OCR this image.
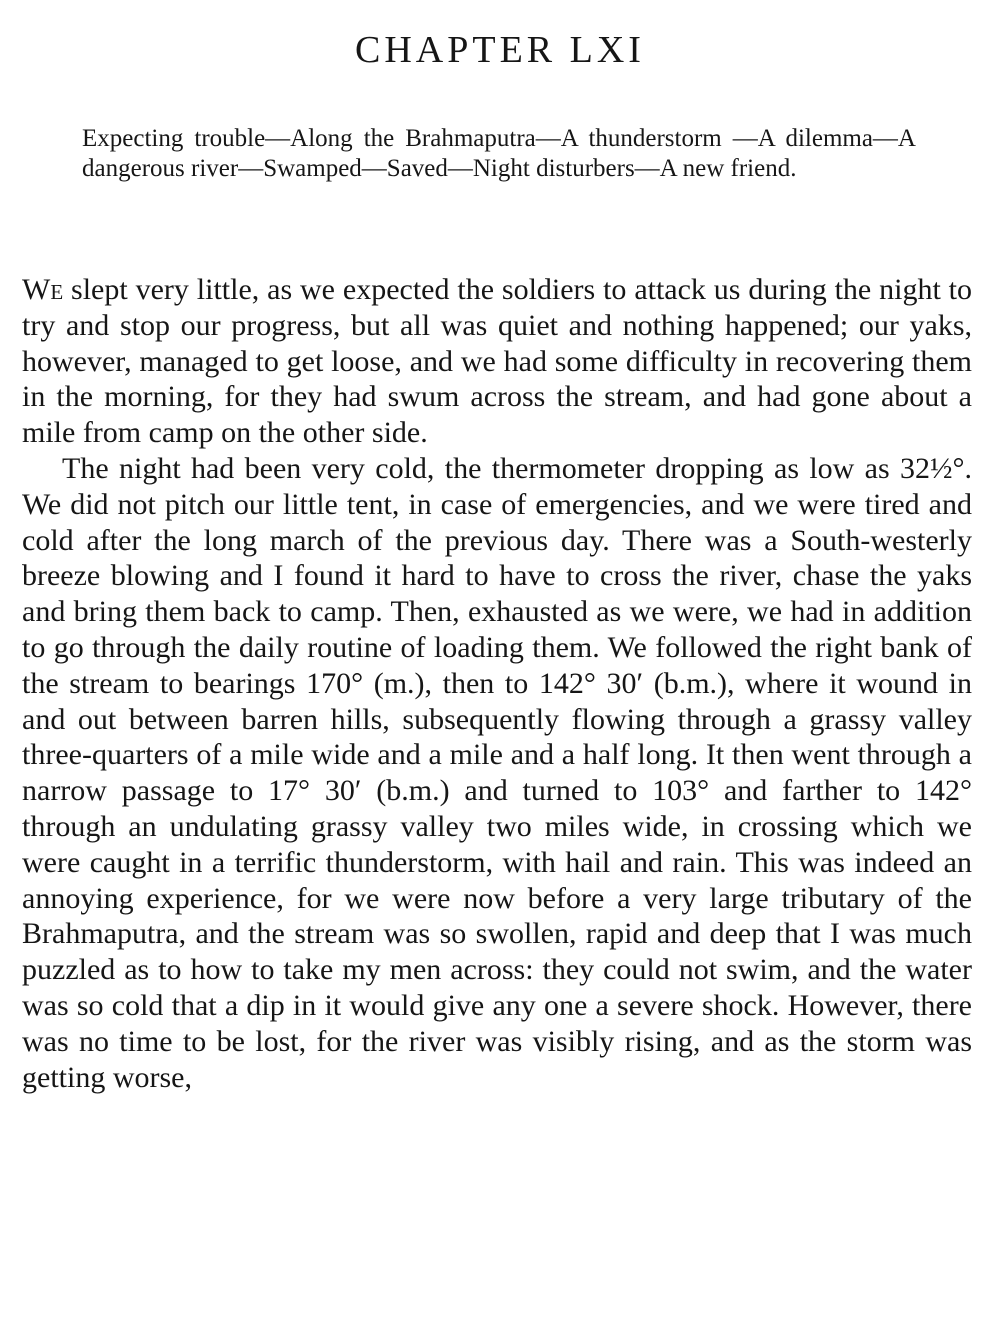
CHAPTER LXI

Expecting trouble—Along the Brahmaputra—A thunderstorm —A dilemma—A dangerous river—Swamped—Saved—Night disturbers—A new friend.

We slept very little, as we expected the soldiers to attack us during the night to try and stop our progress, but all was quiet and nothing happened; our yaks, however, managed to get loose, and we had some difficulty in recovering them in the morning, for they had swum across the stream, and had gone about a mile from camp on the other side.

The night had been very cold, the thermometer dropping as low as 32½°. We did not pitch our little tent, in case of emergencies, and we were tired and cold after the long march of the previous day. There was a South-westerly breeze blowing and I found it hard to have to cross the river, chase the yaks and bring them back to camp. Then, exhausted as we were, we had in addition to go through the daily routine of loading them. We followed the right bank of the stream to bearings 170° (m.), then to 142° 30′ (b.m.), where it wound in and out between barren hills, subsequently flowing through a grassy valley three-quarters of a mile wide and a mile and a half long. It then went through a narrow passage to 17° 30′ (b.m.) and turned to 103° and farther to 142° through an undulating grassy valley two miles wide, in crossing which we were caught in a terrific thunderstorm, with hail and rain. This was indeed an annoying experience, for we were now before a very large tributary of the Brahmaputra, and the stream was so swollen, rapid and deep that I was much puzzled as to how to take my men across: they could not swim, and the water was so cold that a dip in it would give any one a severe shock. However, there was no time to be lost, for the river was visibly rising, and as the storm was getting worse,
